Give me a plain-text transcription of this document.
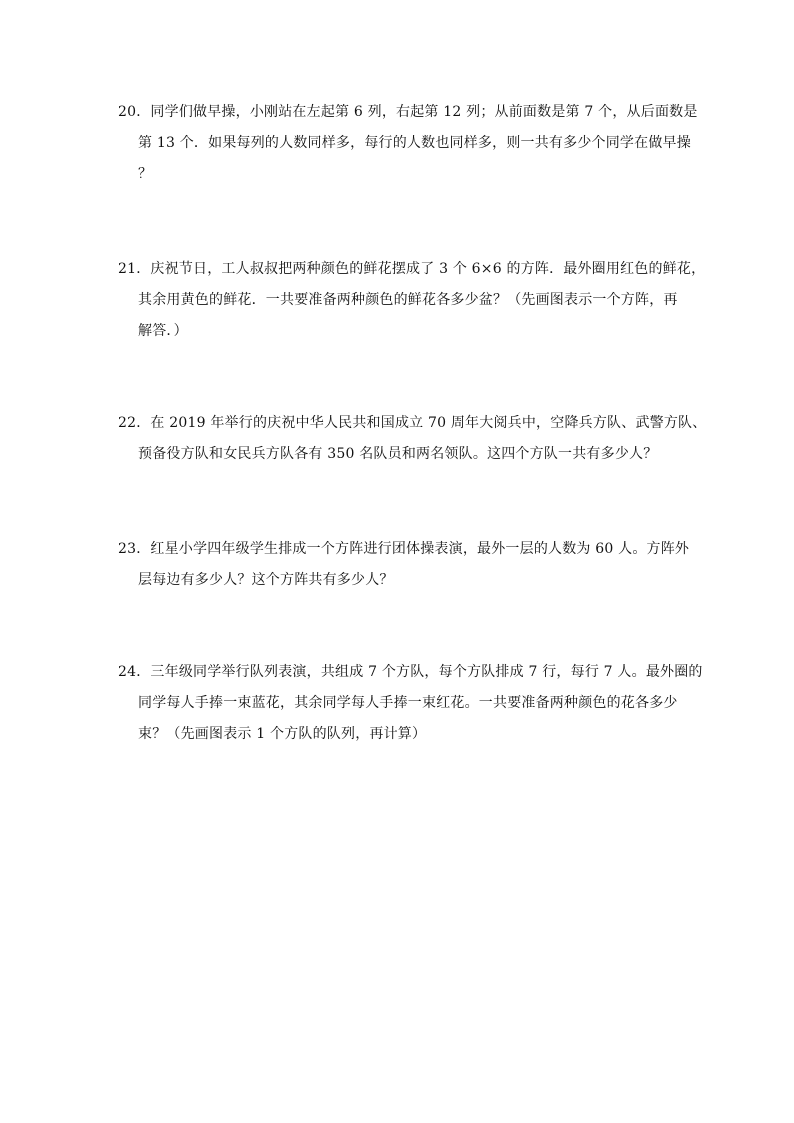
20．同学们做早操，小刚站在左起第 6 列，右起第 12 列；从前面数是第 7 个，从后面数是
第 13 个．如果每列的人数同样多，每行的人数也同样多，则一共有多少个同学在做早操
？
21．庆祝节日，工人叔叔把两种颜色的鲜花摆成了 3 个 6×6 的方阵．最外圈用红色的鲜花，
其余用黄色的鲜花．一共要准备两种颜色的鲜花各多少盆？（先画图表示一个方阵，再
解答．）
22．在 2019 年举行的庆祝中华人民共和国成立 70 周年大阅兵中，空降兵方队、武警方队、
预备役方队和女民兵方队各有 350 名队员和两名领队。这四个方队一共有多少人？
23．红星小学四年级学生排成一个方阵进行团体操表演，最外一层的人数为 60 人。方阵外
层每边有多少人？这个方阵共有多少人？
24．三年级同学举行队列表演，共组成 7 个方队，每个方队排成 7 行，每行 7 人。最外圈的
同学每人手捧一束蓝花，其余同学每人手捧一束红花。一共要准备两种颜色的花各多少
束？（先画图表示 1 个方队的队列，再计算）
